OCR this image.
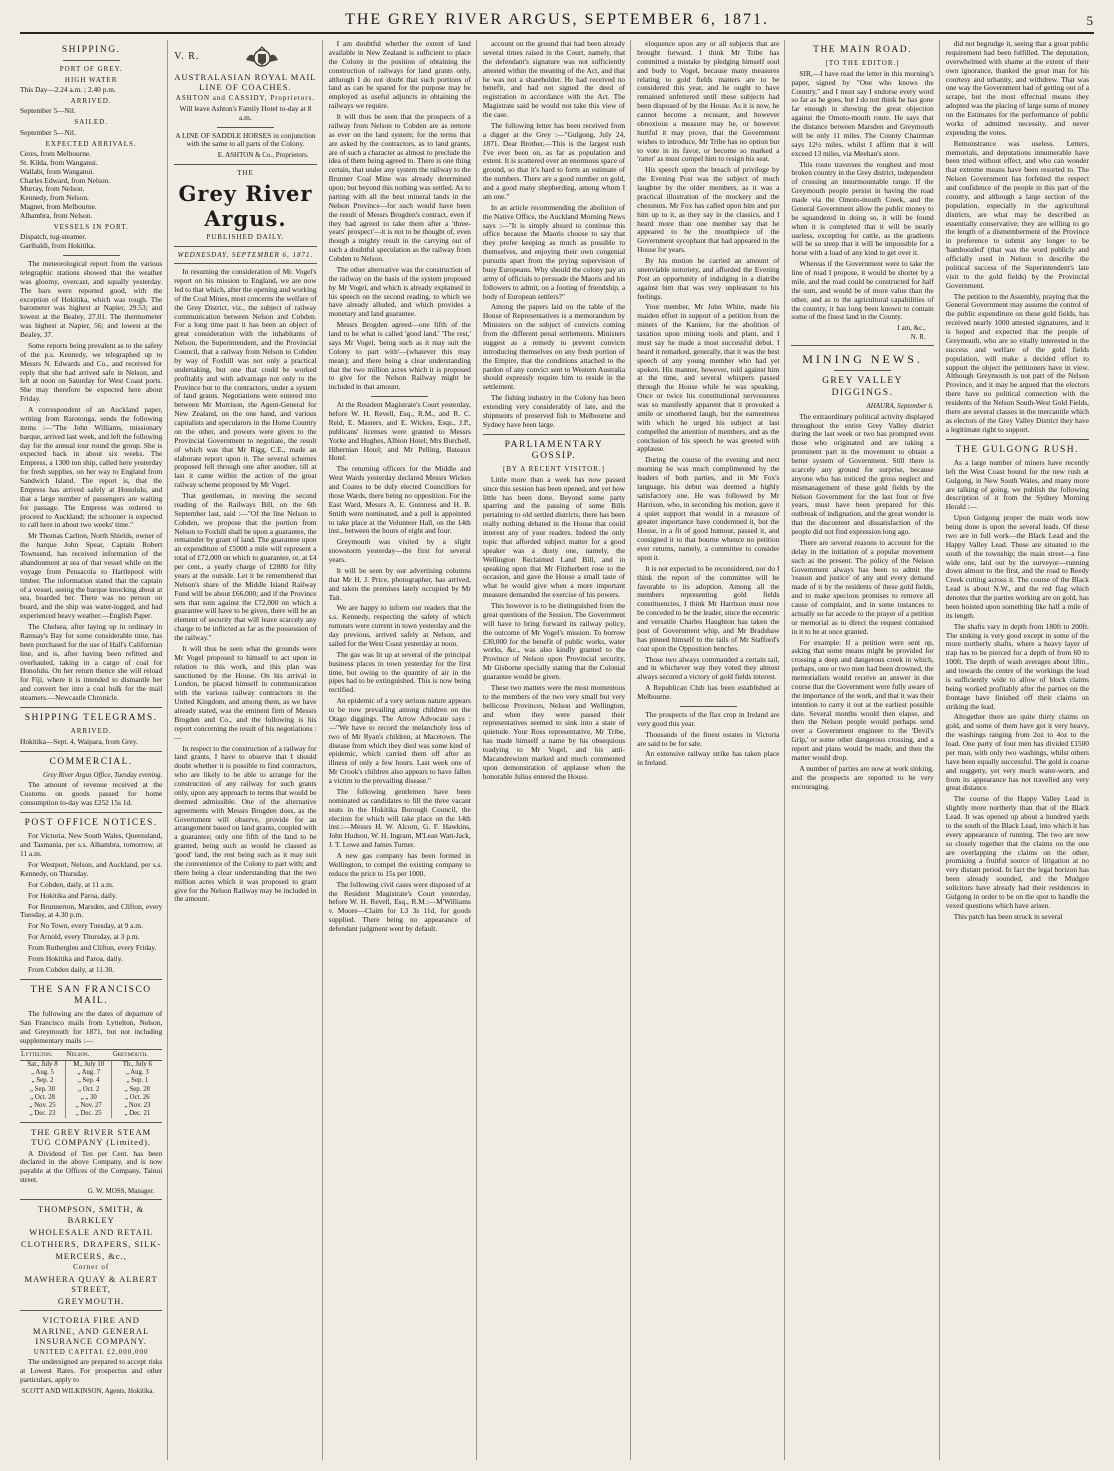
THE GREY RIVER ARGUS, SEPTEMBER 6, 1871.	5
SHIPPING.
PORT OF GREY.
HIGH WATER
This Day—2.24 a.m. ; 2.40 p.m.
ARRIVED.
September 5—Nil.
SAILED.
September 5—Nil.
EXPECTED ARRIVALS.
Ceres, from Melbourne.
St. Kilda, from Wanganui.
Wallabi, from Wanganui.
Charles Edward, from Nelson.
Murray, from Nelson.
Kennedy, from Nelson.
Magnet, from Melbourne.
Alhambra, from Nelson.
VESSELS IN PORT.
Dispatch, tug-steamer.
Garibaldi, from Hokitika.

The meteorological report from the various telegraphic stations showed that the weather was gloomy, overcast, and squally yesterday. The bars were reported good, with the exception of Hokitika, which was rough. The barometer was highest at Napier, 29.53; and lowest at the Bealey, 27.01. The thermometer was highest at Napier, 56; and lowest at the Bealey, 37.

Some reports being prevalent as to the safety of the p.s. Kennedy, we telegraphed up to Messrs N. Edwards and Co., and received for reply that she had arrived safe in Nelson, and left at noon on Saturday for West Coast ports. She may therefore be expected here about Friday.

A correspondent of an Auckland paper, writing from Rarotonga, sends the following items :—"The John Williams, missionary barque, arrived last week, and left the following day for the annual tour round the group. She is expected back in about six weeks. The Empress, a 1300 ton ship, called here yesterday for fresh supplies, on her way to England from Sandwich Island. The report is, that the Empress has arrived safely at Honolulu, and that a large number of passengers are waiting for passage. The Empress was ordered to proceed to Auckland; the schooner is expected to call here in about two weeks' time."

Mr Thomas Carlton, North Shields, owner of the barque John Spear, Captain Robert Townsend, has received information of the abandonment at sea of that vessel while on the voyage from Pensacola to Hartlepool with timber. The information stated that the captain of a vessel, seeing the barque knocking about at sea, boarded her. There was no person on board, and the ship was water-logged, and had experienced heavy weather.—English Paper.

The Chelsea, after laying up in ordinary in Ramsay's Bay for some considerable time, has been purchased for the use of Hall's Californian line, and is, after having been refitted and overhauled, taking in a cargo of coal for Honolulu. On her return thence she will reload for Fiji, where it is intended to dismantle her and convert her into a coal hulk for the mail steamers.—Newcastle Chronicle.

SHIPPING TELEGRAMS.
ARRIVED.
Hokitika—Sept. 4, Waipara, from Grey.
COMMERCIAL.
Grey River Argus Office, Tuesday evening.

The amount of revenue received at the Customs on goods passed for home consumption to-day was £252 15s 1d.

POST OFFICE NOTICES.

For Victoria, New South Wales, Queensland, and Tasmania, per s.s. Alhambra, tomorrow, at 11 a.m.

For Westport, Nelson, and Auckland, per s.s. Kennedy, on Thursday.

For Cobden, daily, at 11 a.m.

For Hokitika and Paroa, daily.

For Brunnerton, Marsden, and Clifton, every Tuesday, at 4.30 p.m.

For No Town, every Tuesday, at 9 a.m.

For Arnold, every Thursday, at 3 p.m.

From Rutherglen and Clifton, every Friday.

From Hokitika and Paroa, daily.

From Cobden daily, at 11.30.

THE SAN FRANCISCO MAIL.

The following are the dates of departure of San Francisco mails from Lyttelton, Nelson, and Greymouth for 1871, but not including supplementary mails :—

Lyttelton.	Nelson.	Greymouth.
Sat., July 8	M., July 10	Th., July 6
„ Aug. 5	„ Aug. 7	„ Aug. 3
„ Sep. 2	„ Sep. 4	„ Sep. 1
„ Sep. 30	„ Oct. 2	„ Sep. 28
„ Oct. 28	„ „ 30	„ Oct. 26
„ Nov. 25	„ Nov. 27	„ Nov. 23
„ Dec. 23	„ Dec. 25	„ Dec. 21
THE GREY RIVER STEAM TUG COMPANY (Limited).

A Dividend of Ten per Cent. has been declared in the above Company, and is now payable at the Offices of the Company, Tainui street.

G. W. MOSS, Manager.
THOMPSON, SMITH, & BARKLEY
WHOLESALE AND RETAIL
CLOTHIERS, DRAPERS, SILK-
MERCERS, &c.,
Corner of
MAWHERA QUAY & ALBERT STREET,
GREYMOUTH.
VICTORIA FIRE AND MARINE, AND GENERAL INSURANCE COMPANY.
UNITED CAPITAL £2,000,000

The undersigned are prepared to accept risks at Lowest Rates. For prospectus and other particulars, apply to

SCOTT AND WILKINSON, Agents, Hokitika.
V. R.
AUSTRALASIAN ROYAL MAIL LINE OF COACHES.
ASHTON and CASSIDY, Proprietors.

Will leave Ashton's Family Hotel to-day at 8 a.m.

A LINE OF SADDLE HORSES in conjunction with the same to all parts of the Colony.

E. ASHTON & Co., Proprietors.
THE
Grey River Argus.
PUBLISHED DAILY.
WEDNESDAY, SEPTEMBER 6, 1871.

In resuming the consideration of Mr. Vogel's report on his mission to England, we are now led to that which, after the opening and working of the Coal Mines, most concerns the welfare of the Grey District, viz., the subject of railway communication between Nelson and Cobden. For a long time past it has been an object of great consideration with the inhabitants of Nelson, the Superintendent, and the Provincial Council, that a railway from Nelson to Cobden by way of Foxhill was not only a practical undertaking, but one that could be worked profitably and with advantage not only to the Province but to the contractors, under a system of land grants. Negotiations were entered into between Mr Morrison, the Agent-General for New Zealand, on the one hand, and various capitalists and speculators in the Home Country on the other, and powers were given to the Provincial Government to negotiate, the result of which was that Mr Rigg, C.E., made an elaborate report upon it. The several schemes proposed fell through one after another, till at last it came within the action of the great railway scheme proposed by Mr Vogel.

That gentleman, in moving the second reading of the Railways Bill, on the 6th September last, said :—"Of the line Nelson to Cobden, we propose that the portion from Nelson to Foxhill shall be upon a guarantee, the remainder by grant of land. The guarantee upon an expenditure of £5000 a mile will represent a total of £72,000 on which to guarantee, or, at £4 per cent., a yearly charge of £2880 for fifty years at the outside. Let it be remembered that Nelson's share of the Middle Island Railway Fund will be about £66,000; and if the Province sets that sum against the £72,000 on which a guarantee will have to be given, there will be an element of security that will leave scarcely any charge to be inflicted as far as the possession of the railway."

It will thus be seen what the grounds were Mr Vogel proposed to himself to act upon in relation to this work, and this plan was sanctioned by the House. On his arrival in London, he placed himself in communication with the various railway contractors in the United Kingdom, and among them, as we have already stated, was the eminent firm of Messrs Brogden and Co., and the following is his report concerning the result of his negotiations :—

In respect to the construction of a railway for land grants, I have to observe that I should doubt whether it is possible to find contractors, who are likely to be able to arrange for the construction of any railway for such grants only, upon any approach to terms that would be deemed admissible. One of the alternative agreements with Messrs Brogden does, as the Government will observe, provide for an arrangement based on land grants, coupled with a guarantee; only one fifth of the land to be granted, being such as would be classed as 'good' land, the rest being such as it may suit the convenience of the Colony to part with; and there being a clear understanding that the two million acres which it was proposed to grant give for the Nelson Railway may be included in the amount.

I am doubtful whether the extent of land available in New Zealand is sufficient to place the Colony in the position of obtaining the construction of railways for land grants only, although I do not doubt that such portions of land as can be spared for the purpose may be employed as useful adjuncts in obtaining the railways we require.

It will thus be seen that the prospects of a railway from Nelson to Cobden are as remote as ever on the land system; for the terms that are asked by the contractors, as to land grants, are of such a character as almost to preclude the idea of them being agreed to. There is one thing certain, that under any system the railway to the Brunner Coal Mine was already determined upon; but beyond this nothing was settled. As to parting with all the best mineral lands in the Nelson Province—for such would have been the result of Messrs Brogden's contract, even if they had agreed to take them after a 'three-years' prospect'—it is not to be thought of, even though a mighty result in the carrying out of such a doubtful speculation as the railway from Cobden to Nelson.

The other alternative was the construction of the railway on the basis of the system proposed by Mr Vogel, and which is already explained in his speech on the second reading, to which we have already alluded, and which provides a monetary and land guarantee.

Messrs Brogden agreed—one fifth of the land to be what is called 'good land.' 'The rest,' says Mr Vogel, 'being such as it may suit the Colony to part with'—(whatever this may mean); and there being a clear understanding that the two million acres which it is proposed to give for the Nelson Railway might be included in that amount.

At the Resident Magistrate's Court yesterday, before W. H. Revell, Esq., R.M., and R. C. Reid, E. Masters, and E. Wickes, Esqs., J.P., publicans' licenses were granted to Messrs Yorke and Hughes, Albion Hotel; Mrs Burchell, Hibernian Hotel; and Mr Pelling, Bateaux Hotel.

The returning officers for the Middle and West Wards yesterday declared Messrs Wickes and Coates to be duly elected Councillors for those Wards, there being no opposition. For the East Ward, Messrs A. E. Guinness and H. B. Smith were nominated, and a poll is appointed to take place at the Volunteer Hall, on the 14th inst., between the hours of eight and four.

Greymouth was visited by a slight snowstorm yesterday—the first for several years.

It will be seen by our advertising columns that Mr H. J. Price, photographer, has arrived, and taken the premises lately occupied by Mr Tait.

We are happy to inform our readers that the s.s. Kennedy, respecting the safety of which rumours were current in town yesterday and the day previous, arrived safely at Nelson, and sailed for the West Coast yesterday at noon.

The gas was lit up at several of the principal business places in town yesterday for the first time, but owing to the quantity of air in the pipes had to be extinguished. This is now being rectified.

An epidemic of a very serious nature appears to be now prevailing among children on the Otago diggings. The Arrow Advocate says :—"We have to record the melancholy loss of two of Mr Ryan's children, at Macetown. The disease from which they died was some kind of epidemic, which carried them off after an illness of only a few hours. Last week one of Mr Crook's children also appears to have fallen a victim to the prevailing disease."

The following gentlemen have been nominated as candidates to fill the three vacant seats in the Hokitika Borough Council, the election for which will take place on the 14th inst.:—Messrs H. W. Alcorn, G. F. Hawkins, John Hudson, W. H. Ingram, M'Lean Watt-Jack, J. T. Lowe and James Turner.

A new gas company has been formed in Wellington, to compel the existing company to reduce the price to 15s per 1000.

The following civil cases were disposed of at the Resident Magistrate's Court yesterday, before W. H. Revell, Esq., R.M.:—M'Williams v. Moore—Claim for L3 3s 11d, for goods supplied. There being no appearance of defendant judgment went by default.

account on the ground that had been already several times raised in the Court, namely, that the defendant's signature was not sufficiently attested within the meaning of the Act, and that he was not a shareholder. He had received no benefit, and had not signed the deed of registration in accordance with the Act. The Magistrate said he would not take this view of the case.

The following letter has been received from a digger at the Grey :—"Gulgong, July 24, 1871. Dear Brother,—This is the largest rush I've ever been on, as far as population and extent. It is scattered over an enormous space of ground, so that it's hard to form an estimate of the numbers. There are a good number on gold, and a good many shepherding, among whom I am one."

In an article recommending the abolition of the Native Office, the Auckland Morning News says :—"It is simply absurd to continue this office because the Maoris choose to say that they prefer keeping as much as possible to themselves, and enjoying their own congenial pursuits apart from the prying supervision of busy Europeans. Why should the colony pay an army of officials to persuade the Maoris and his followers to admit, on a footing of friendship, a body of European settlers?"

Among the papers laid on the table of the House of Representatives is a memorandum by Ministers on the subject of convicts coming from the different penal settlements. Ministers suggest as a remedy to prevent convicts introducing themselves on any fresh portion of the Empire, that the conditions attached to the pardon of any convict sent to Western Australia should expressly require him to reside in the settlement.

The fishing industry in the Colony has been extending very considerably of late, and the shipments of preserved fish to Melbourne and Sydney have been large.

PARLIAMENTARY GOSSIP.
[BY A RECENT VISITOR.]

Little more than a week has now passed since this session has been opened, and yet how little has been done. Beyond some party sparring and the passing of some Bills pertaining to old settled districts, there has been really nothing debated in the House that could interest any of your readers. Indeed the only topic that afforded subject matter for a good speaker was a dusty one, namely, the Wellington Reclaimed Land Bill, and in speaking upon that Mr Fitzherbert rose to the occasion, and gave the House a small taste of what he would give when a more important measure demanded the exercise of his powers.

This however is to be distinguished from the great questions of the Session. The Government will have to bring forward its railway policy, the outcome of Mr Vogel's mission. To borrow £30,000 for the benefit of public works, water works, &c., was also kindly granted to the Province of Nelson upon Provincial security, Mr Gisborne specially stating that the Colonial guarantee would be given.

These two matters were the most momentous to the members of the two very small but very bellicose Provinces, Nelson and Wellington, and when they were passed their representatives seemed to sink into a state of quietude. Your Ross representative, Mr Tribe, has made himself a name by his obsequious toadying to Mr Vogel, and his anti-Macandrewism marked and much commented upon demonstration of applause when the honorable Julius entered the House.

eloquence upon any or all subjects that are brought forward. I think Mr Tribe has committed a mistake by pledging himself soul and body to Vogel, because many measures relating to gold fields matters are to be considered this year, and he ought to have remained unfettered until these subjects had been disposed of by the House. As it is now, he cannot become a recusant, and however obnoxious a measure may be, or however hurtful it may prove, that the Government wishes to introduce, Mr Tribe has no option but to vote in its favor, or become so marked a 'ratter' as must compel him to resign his seat.

His speech upon the breach of privilege by the Evening Post was the subject of much laughter by the older members, as it was a practical illustration of the mockery and the chessnuts. Mr Fox has called upon him and put him up to it, as they say in the classics, and I heard more than one member say that he appeared to be the mouthpiece of the Government sycophant that had appeared in the House for years.

By his motion he carried an amount of unenviable notoriety, and afforded the Evening Post an opportunity of indulging in a diatribe against him that was very unpleasant to his feelings.

Your member, Mr John White, made his maiden effort in support of a petition from the miners of the Kaniere, for the abolition of taxation upon mining tools and plant, and I must say he made a most successful debut. I heard it remarked, generally, that it was the best speech of any young member who had yet spoken. His manner, however, told against him at the time, and several whispers passed through the House while he was speaking. Once or twice his constitutional nervousness was so manifestly apparent that it provoked a smile or smothered laugh, but the earnestness with which he urged his subject at last compelled the attention of members, and as the conclusion of his speech he was greeted with applause.

During the course of the evening and next morning he was much complimented by the leaders of both parties, and in Mr Fox's language, his debut was deemed a highly satisfactory one. He was followed by Mr Harrison, who, in seconding his motion, gave it a quiet support that would in a measure of greater importance have condemned it, but the House, in a fit of good humour, passed it, and consigned it to that bourne whence no petition ever returns, namely, a committee to consider upon it.

It is not expected to be reconsidered, nor do I think the report of the committee will be favorable to its adoption. Among all the members representing gold fields constituencies, I think Mr Harrison must now be conceded to be the leader, since the eccentric and versatile Charles Haughton has taken the post of Government whip, and Mr Bradshaw has pinned himself to the tails of Mr Stafford's coat upon the Opposition benches.

Those two always commanded a certain tail, and in whichever way they voted they almost always secured a victory of gold fields interest.

A Republican Club has been established at Melbourne.

The prospects of the flax crop in Ireland are very good this year.

Thousands of the finest estates in Victoria are said to be for sale.

An extensive railway strike has taken place in Ireland.

THE MAIN ROAD.
[TO THE EDITOR.]

SIR,—I have read the letter in this morning's paper, signed by "One who knows the Country," and I must say I endorse every word so far as he goes, but I do not think he has gone far enough in showing the great objection against the Omoto-mouth route. He says that the distance between Marsden and Greymouth will be only 11 miles. The County Chairman says 12½ miles, whilst I affirm that it will exceed 13 miles, via Meehan's store.

This route traverses the roughest and most broken country in the Grey district, independent of crossing an insurmountable range. If the Greymouth people persist in having the road made via the Omoto-mouth Creek, and the General Government allow the public money to be squandered in doing so, it will be found when it is completed that it will be nearly useless, excepting for cattle, as the gradients will be so steep that it will be impossible for a horse with a load of any kind to get over it.

Whereas if the Government were to take the line of road I propose, it would be shorter by a mile, and the road could be constructed for half the sum, and would be of more value than the other, and as to the agricultural capabilities of the country, it has long been known to contain some of the finest land in the County.

I am, &c.,
N. R.
MINING NEWS.
GREY VALLEY DIGGINGS.
AHAURA, September 6.

The extraordinary political activity displayed throughout the entire Grey Valley district during the last week or two has prompted even those who originated and are taking a prominent part in the movement to obtain a better system of Government. Still there is scarcely any ground for surprise, because anyone who has noticed the gross neglect and mismanagement of these gold fields by the Nelson Government for the last four or five years, must have been prepared for this outbreak of indignation, and the great wonder is that the discontent and dissatisfaction of the people did not find expression long ago.

There are several reasons to account for the delay in the initiation of a popular movement such as the present. The policy of the Nelson Government always has been to admit the 'reason and justice' of any and every demand made of it by the residents of these gold fields, and to make specious promises to remove all cause of complaint, and in some instances to actually so far accede to the prayer of a petition or memorial as to direct the request contained in it to be at once granted.

For example: If a petition were sent up, asking that some means might be provided for crossing a deep and dangerous creek in which, perhaps, one or two men had been drowned, the memorialists would receive an answer in due course that the Government were fully aware of the importance of the work, and that it was their intention to carry it out at the earliest possible date. Several months would then elapse, and then the Nelson people would perhaps send over a Government engineer to the 'Devil's Grip,' or some other dangerous crossing, and a report and plans would be made, and then the matter would drop.

A number of parties are now at work sinking, and the prospects are reported to be very encouraging.

did not begrudge it, seeing that a great public requirement had been fulfilled. The deputation, overwhelmed with shame at the extent of their own ignorance, thanked the great man for his courtesy and urbanity, and withdrew. That was one way the Government had of getting out of a scrape, but the most effectual means they adopted was the placing of large sums of money on the Estimates for the performance of public works of admitted necessity, and never expending the votes.

Remonstrance was useless. Letters, memorials, and deputations innumerable have been tried without effect, and who can wonder that extreme means have been resorted to. The Nelson Government has forfeited the respect and confidence of the people in this part of the country, and although a large section of the population, especially in the agricultural districts, are what may be described as essentially conservative; they are willing to go the length of a dismemberment of the Province in preference to submit any longer to be 'bamboozled' (that was the word publicly and officially used in Nelson to describe the political success of the Superintendent's late visit to the gold fields) by the Provincial Government.

The petition to the Assembly, praying that the General Government may assume the control of the public expenditure on these gold fields, has received nearly 1000 attested signatures, and it is hoped and expected that the people of Greymouth, who are so vitally interested in the success and welfare of the gold fields population, will make a decided effort to support the object the petitioners have in view. Although Greymouth is not part of the Nelson Province, and it may be argued that the electors there have no political connection with the residents of the Nelson South-West Gold Fields, there are several classes in the mercantile which as electors of the Grey Valley District they have a legitimate right to support.

THE GULGONG RUSH.

As a large number of miners have recently left the West Coast bound for the new rush at Gulgong, in New South Wales, and many more are talking of going, we publish the following description of it from the Sydney Morning Herald :—

Upon Gulgong proper the main work now being done is upon the several leads. Of these two are in full work—the Black Lead and the Happy Valley Lead. These are situated to the south of the township; the main street—a fine wide one, laid out by the surveyor—running down almost to the first, and the road to Reedy Creek cutting across it. The course of the Black Lead is about N.W., and the red flag which denotes that the parties working are on gold, has been hoisted upon something like half a mile of its length.

The shafts vary in depth from 180ft to 200ft. The sinking is very good except in some of the more northerly shafts, where a heavy layer of trap has to be pierced for a depth of from 60 to 100ft. The depth of wash averages about 18in., and towards the centre of the workings the lead is sufficiently wide to allow of block claims being worked profitably after the parties on the frontage have finished off their claims on striking the lead.

Altogether there are quite thirty claims on gold, and some of them have got it very heavy, the washings ranging from 2oz to 4oz to the load. One party of four men has divided £1500 per man, with only two washings, whilst others have been equally successful. The gold is coarse and nuggetty, yet very much water-worn, and from its appearance has not travelled any very great distance.

The course of the Happy Valley Lead is slightly more northerly than that of the Black Lead. It was opened up about a hundred yards to the south of the Black Lead, into which it has every appearance of running. The two are now so closely together that the claims on the one are overlapping the claims on the other, promising a fruitful source of litigation at no very distant period. In fact the legal horizon has been already sounded, and the Mudgee solicitors have already had their residences in Gulgong in order to be on the spot to handle the vexed questions which have arisen.

This patch has been struck in several
